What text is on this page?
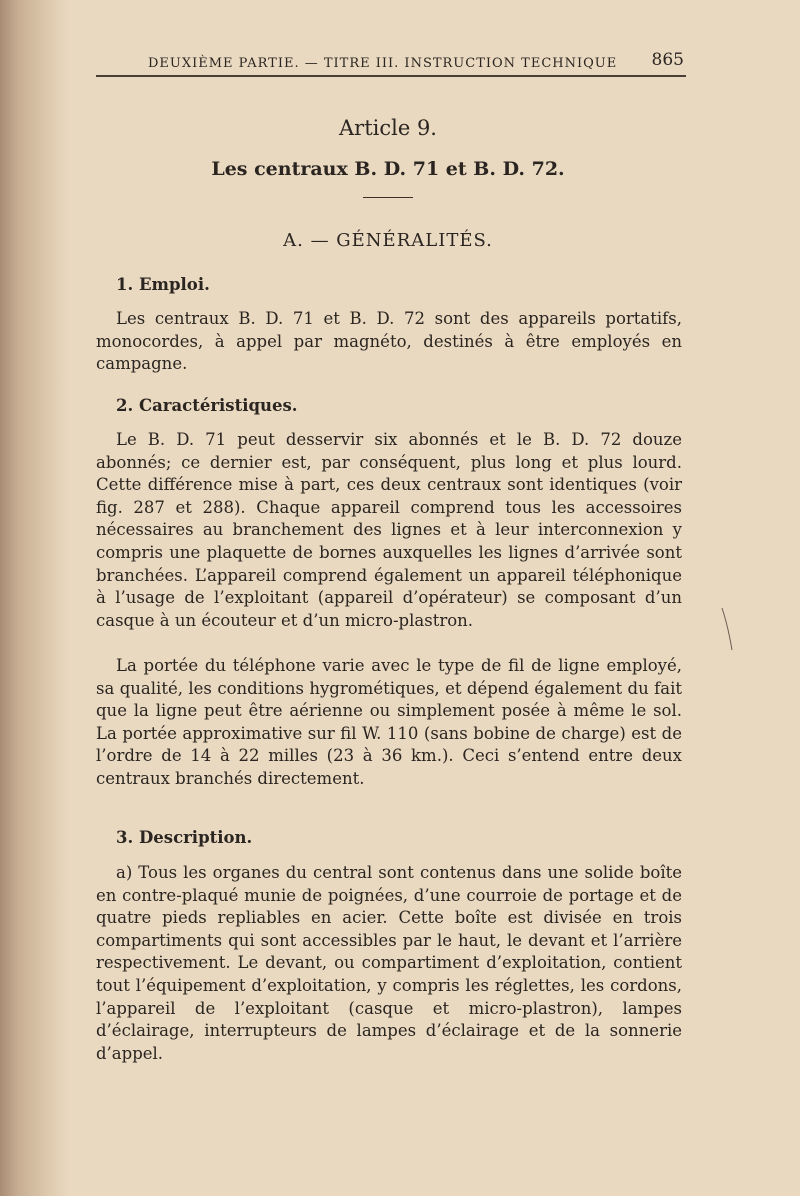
DEUXIÈME PARTIE. — TITRE III. INSTRUCTION TECHNIQUE 865
Article 9.
Les centraux B. D. 71 et B. D. 72.
A. — GÉNÉRALITÉS.
1. Emploi.

Les centraux B. D. 71 et B. D. 72 sont des appareils portatifs, monocordes, à appel par magnéto, destinés à être employés en campagne.

2. Caractéristiques.

Le B. D. 71 peut desservir six abonnés et le B. D. 72 douze abonnés; ce dernier est, par conséquent, plus long et plus lourd. Cette différence mise à part, ces deux centraux sont identiques (voir fig. 287 et 288). Chaque appareil comprend tous les accessoires nécessaires au branchement des lignes et à leur interconnexion y compris une plaquette de bornes auxquelles les lignes d’arrivée sont branchées. L’appareil comprend également un appareil téléphonique à l’usage de l’exploitant (appareil d’opérateur) se composant d’un casque à un écouteur et d’un micro-plastron.

La portée du téléphone varie avec le type de fil de ligne employé, sa qualité, les conditions hygrométiques, et dépend également du fait que la ligne peut être aérienne ou simplement posée à même le sol. La portée approximative sur fil W. 110 (sans bobine de charge) est de l’ordre de 14 à 22 milles (23 à 36 km.). Ceci s’entend entre deux centraux branchés directement.

3. Description.

a) Tous les organes du central sont contenus dans une solide boîte en contre-plaqué munie de poignées, d’une courroie de portage et de quatre pieds repliables en acier. Cette boîte est divisée en trois compartiments qui sont accessibles par le haut, le devant et l’arrière respectivement. Le devant, ou compartiment d’exploitation, contient tout l’équipement d’exploitation, y compris les réglettes, les cordons, l’appareil de l’exploitant (casque et micro-plastron), lampes d’éclairage, interrupteurs de lampes d’éclairage et de la sonnerie d’appel.
